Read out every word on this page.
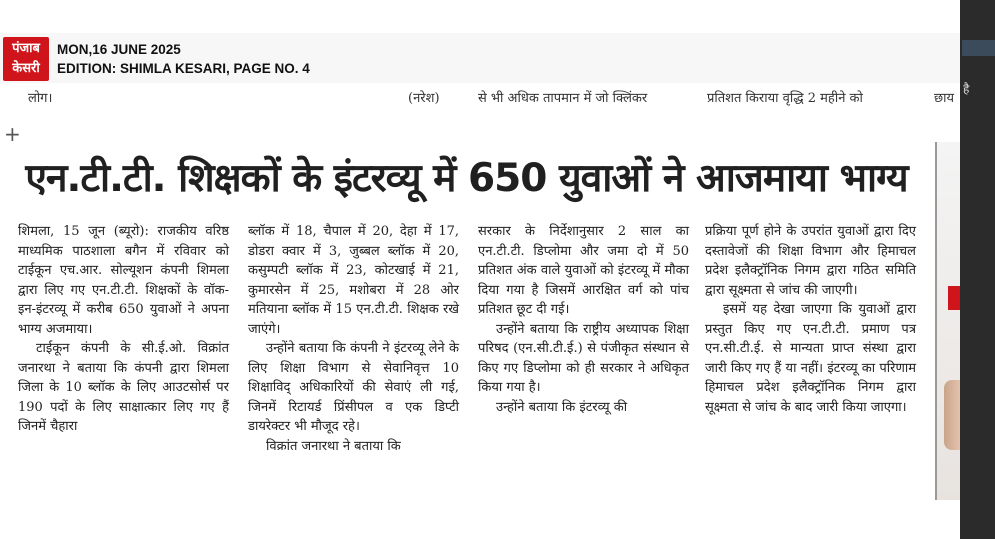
पंजाब
केसरी
MON,16 JUNE 2025
EDITION: SHIMLA KESARI, PAGE NO. 4
लोग।	(नरेश)	से भी अधिक तापमान में जो क्लिंकर	प्रतिशत किराया वृद्धि 2 महीने को	छाय
+
एन.टी.टी. शिक्षकों के इंटरव्यू में 650 युवाओं ने आजमाया भाग्य

शिमला, 15 जून (ब्यूरो): राजकीय वरिष्ठ माध्यमिक पाठशाला बगैन में रविवार को टाईकून एच.आर. सोल्यूशन कंपनी शिमला द्वारा लिए गए एन.टी.टी. शिक्षकों के वॉक-इन-इंटरव्यू में करीब 650 युवाओं ने अपना भाग्य अजमाया।

टाईकून कंपनी के सी.ई.ओ. विक्रांत जनारथा ने बताया कि कंपनी द्वारा शिमला जिला के 10 ब्लॉक के लिए आउटसोर्स पर 190 पदों के लिए साक्षात्कार लिए गए हैं जिनमें चैहारा

ब्लॉक में 18, चैपाल में 20, देहा में 17, डोडरा क्वार में 3, जुब्बल ब्लॉक में 20, कसुम्पटी ब्लॉक में 23, कोटखाई में 21, कुमारसेन में 25, मशोबरा में 28 ओर मतियाना ब्लॉक में 15 एन.टी.टी. शिक्षक रखे जाएंगे।

उन्होंने बताया कि कंपनी ने इंटरव्यू लेने के लिए शिक्षा विभाग से सेवानिवृत्त 10 शिक्षाविद् अधिकारियों की सेवाएं ली गई, जिनमें रिटायर्ड प्रिंसीपल व एक डिप्टी डायरेक्टर भी मौजूद रहे।

विक्रांत जनारथा ने बताया कि

सरकार के निर्देशानुसार 2 साल का एन.टी.टी. डिप्लोमा और जमा दो में 50 प्रतिशत अंक वाले युवाओं को इंटरव्यू में मौका दिया गया है जिसमें आरक्षित वर्ग को पांच प्रतिशत छूट दी गई।

उन्होंने बताया कि राष्ट्रीय अध्यापक शिक्षा परिषद (एन.सी.टी.ई.) से पंजीकृत संस्थान से किए गए डिप्लोमा को ही सरकार ने अधिकृत किया गया है।

उन्होंने बताया कि इंटरव्यू की

प्रक्रिया पूर्ण होने के उपरांत युवाओं द्वारा दिए दस्तावेजों की शिक्षा विभाग और हिमाचल प्रदेश इलैक्ट्रॉनिक निगम द्वारा गठित समिति द्वारा सूक्ष्मता से जांच की जाएगी।

इसमें यह देखा जाएगा कि युवाओं द्वारा प्रस्तुत किए गए एन.टी.टी. प्रमाण पत्र एन.सी.टी.ई. से मान्यता प्राप्त संस्था द्वारा जारी किए गए हैं या नहीं। इंटरव्यू का परिणाम हिमाचल प्रदेश इलैक्ट्रॉनिक निगम द्वारा सूक्ष्मता से जांच के बाद जारी किया जाएगा।

है
